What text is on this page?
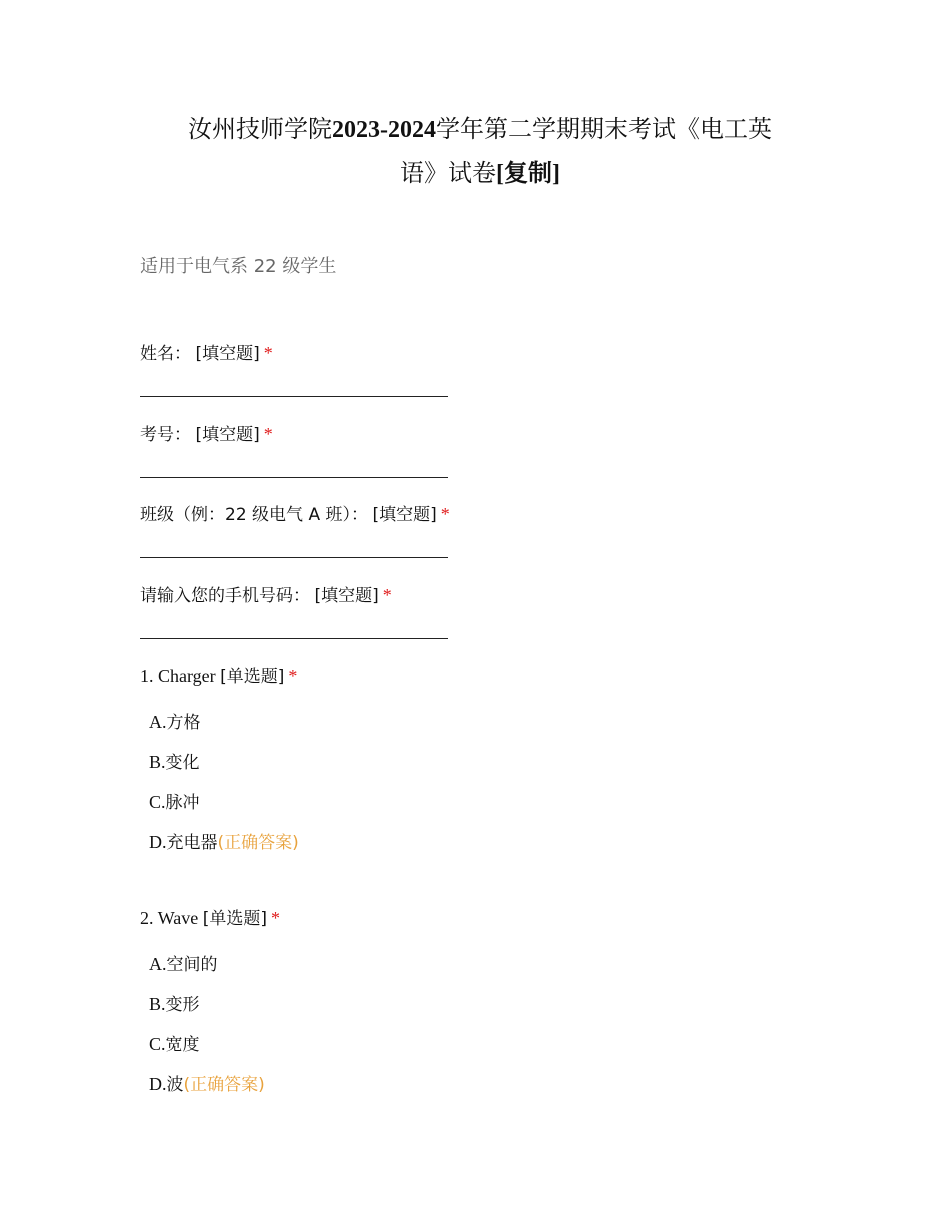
汝州技师学院2023-2024学年第二学期期末考试《电工英
语》试卷[复制]
适用于电气系 22 级学生
姓名： [填空题] *
考号： [填空题] *
班级（例：22 级电气 A 班）： [填空题] *
请输入您的手机号码： [填空题] *
1. Charger [单选题] *
A.方格
B.变化
C.脉冲
D.充电器(正确答案)
2. Wave [单选题] *
A.空间的
B.变形
C.宽度
D.波(正确答案)
